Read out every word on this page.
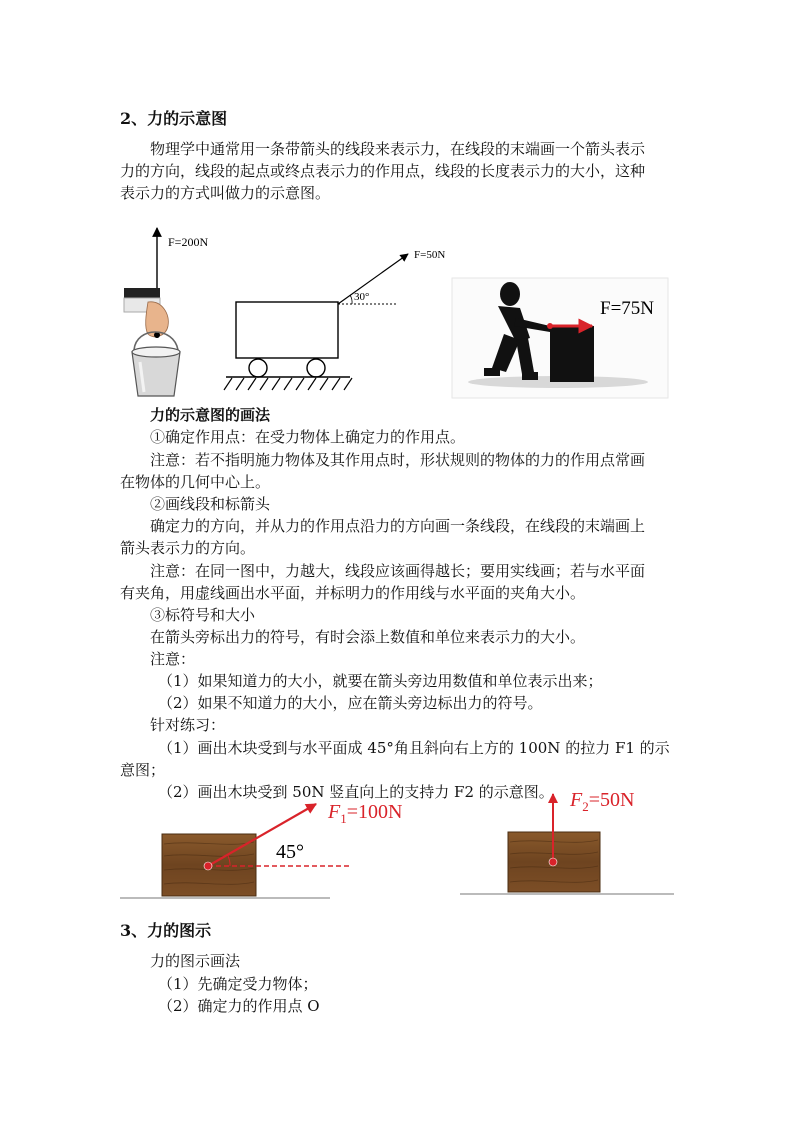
2、力的示意图
物理学中通常用一条带箭头的线段来表示力，在线段的末端画一个箭头表示
力的方向，线段的起点或终点表示力的作用点，线段的长度表示力的大小，这种
表示力的方式叫做力的示意图。
F=200N
F=50N
30°
F=75N
力的示意图的画法
①确定作用点：在受力物体上确定力的作用点。
注意：若不指明施力物体及其作用点时，形状规则的物体的力的作用点常画
在物体的几何中心上。
②画线段和标箭头
确定力的方向，并从力的作用点沿力的方向画一条线段，在线段的末端画上
箭头表示力的方向。
注意：在同一图中，力越大，线段应该画得越长；要用实线画；若与水平面
有夹角，用虚线画出水平面，并标明力的作用线与水平面的夹角大小。
③标符号和大小
在箭头旁标出力的符号，有时会添上数值和单位来表示力的大小。
注意：
（1）如果知道力的大小，就要在箭头旁边用数值和单位表示出来；
（2）如果不知道力的大小，应在箭头旁边标出力的符号。
针对练习：
（1）画出木块受到与水平面成 45°角且斜向右上方的 100N 的拉力 F1 的示
意图；
（2）画出木块受到 50N 竖直向上的支持力 F2 的示意图。
45°
$F_1=100N$
$F_2=50N$
3、力的图示
力的图示画法
（1）先确定受力物体；
（2）确定力的作用点 O
